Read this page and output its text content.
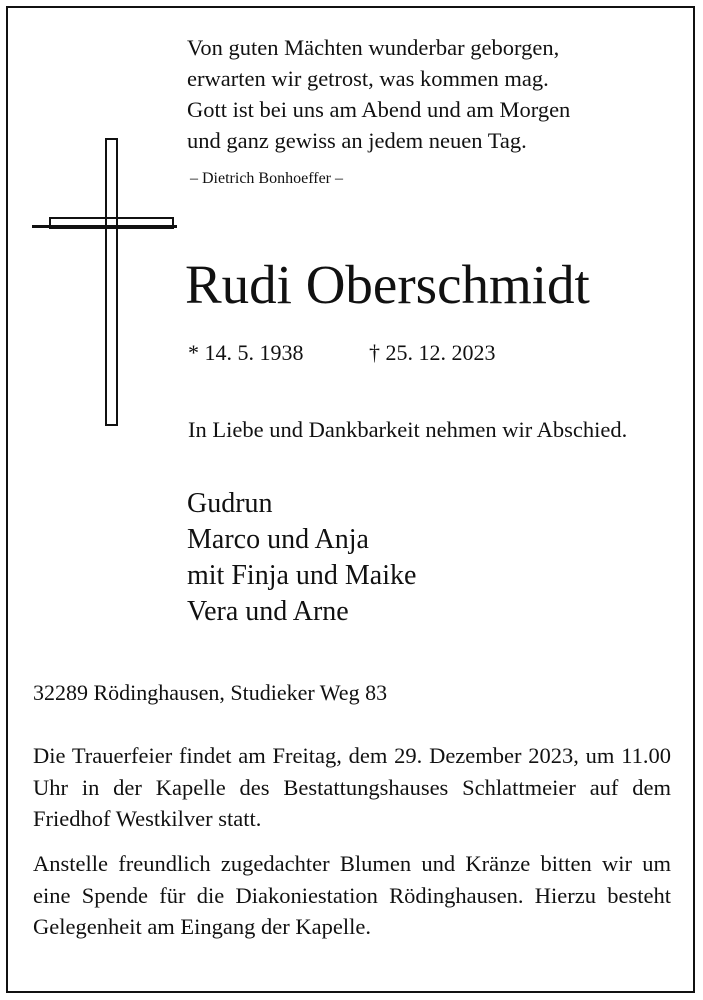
Von guten Mächten wunderbar geborgen,
erwarten wir getrost, was kommen mag.
Gott ist bei uns am Abend und am Morgen
und ganz gewiss an jedem neuen Tag.
– Dietrich Bonhoeffer –
Rudi Oberschmidt
* 14. 5. 1938	† 25. 12. 2023
In Liebe und Dankbarkeit nehmen wir Abschied.
Gudrun
Marco und Anja
mit Finja und Maike
Vera und Arne
32289 Rödinghausen, Studieker Weg 83
Die Trauerfeier findet am Freitag, dem 29. Dezember 2023, um 11.00 Uhr in der Kapelle des Bestattungshauses Schlattmeier auf dem Friedhof Westkilver statt.
Anstelle freundlich zugedachter Blumen und Kränze bitten wir um eine Spende für die Diakoniestation Rödinghausen. Hierzu besteht Gelegenheit am Eingang der Kapelle.
